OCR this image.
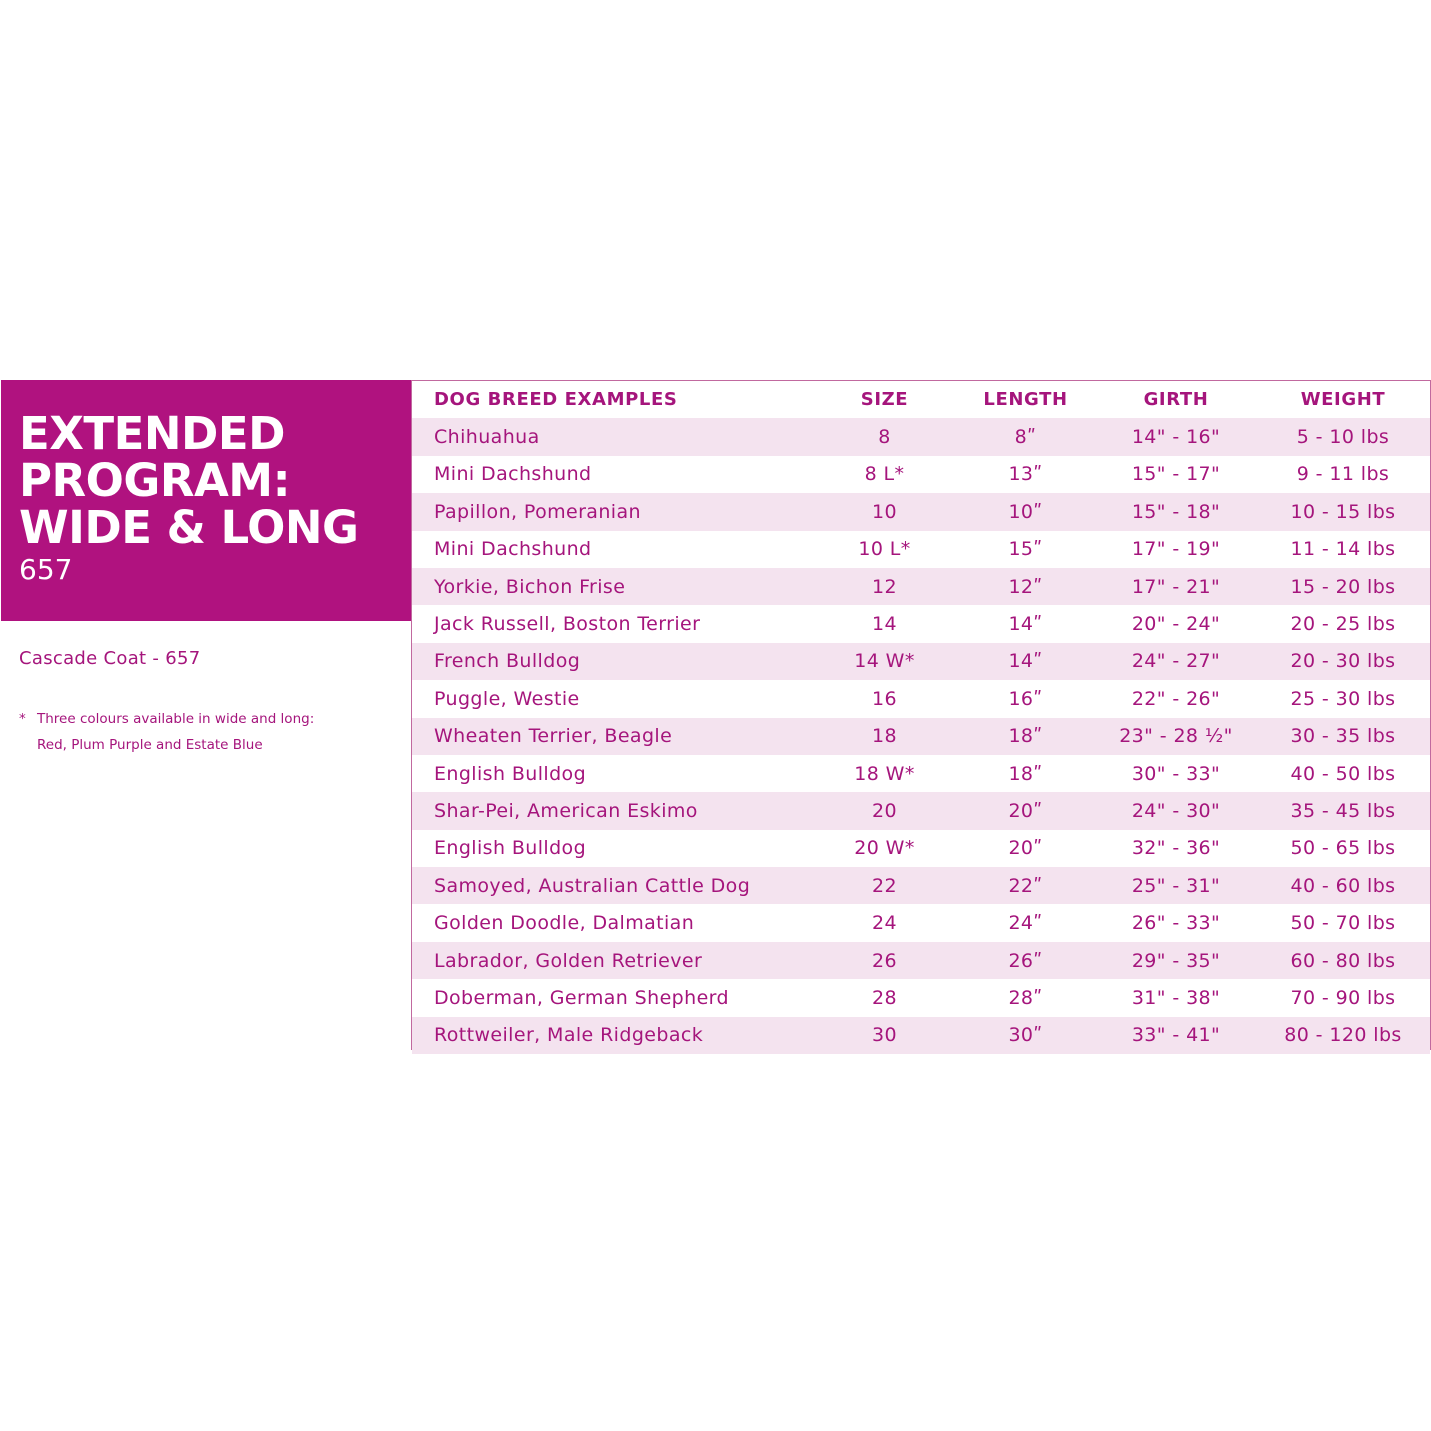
EXTENDED
PROGRAM:
WIDE & LONG
657
Cascade Coat - 657
* Three colours available in wide and long:
Red, Plum Purple and Estate Blue
DOG BREED EXAMPLES	SIZE	LENGTH	GIRTH	WEIGHT
Chihuahua	8	8ʺ	14" - 16"	5 - 10 lbs
Mini Dachshund	8 L*	13ʺ	15" - 17"	9 - 11 lbs
Papillon, Pomeranian	10	10ʺ	15" - 18"	10 - 15 lbs
Mini Dachshund	10 L*	15ʺ	17" - 19"	11 - 14 lbs
Yorkie, Bichon Frise	12	12ʺ	17" - 21"	15 - 20 lbs
Jack Russell, Boston Terrier	14	14ʺ	20" - 24"	20 - 25 lbs
French Bulldog	14 W*	14ʺ	24" - 27"	20 - 30 lbs
Puggle, Westie	16	16ʺ	22" - 26"	25 - 30 lbs
Wheaten Terrier, Beagle	18	18ʺ	23" - 28 ½"	30 - 35 lbs
English Bulldog	18 W*	18ʺ	30" - 33"	40 - 50 lbs
Shar-Pei, American Eskimo	20	20ʺ	24" - 30"	35 - 45 lbs
English Bulldog	20 W*	20ʺ	32" - 36"	50 - 65 lbs
Samoyed, Australian Cattle Dog	22	22ʺ	25" - 31"	40 - 60 lbs
Golden Doodle, Dalmatian	24	24ʺ	26" - 33"	50 - 70 lbs
Labrador, Golden Retriever	26	26ʺ	29" - 35"	60 - 80 lbs
Doberman, German Shepherd	28	28ʺ	31" - 38"	70 - 90 lbs
Rottweiler, Male Ridgeback	30	30ʺ	33" - 41"	80 - 120 lbs
